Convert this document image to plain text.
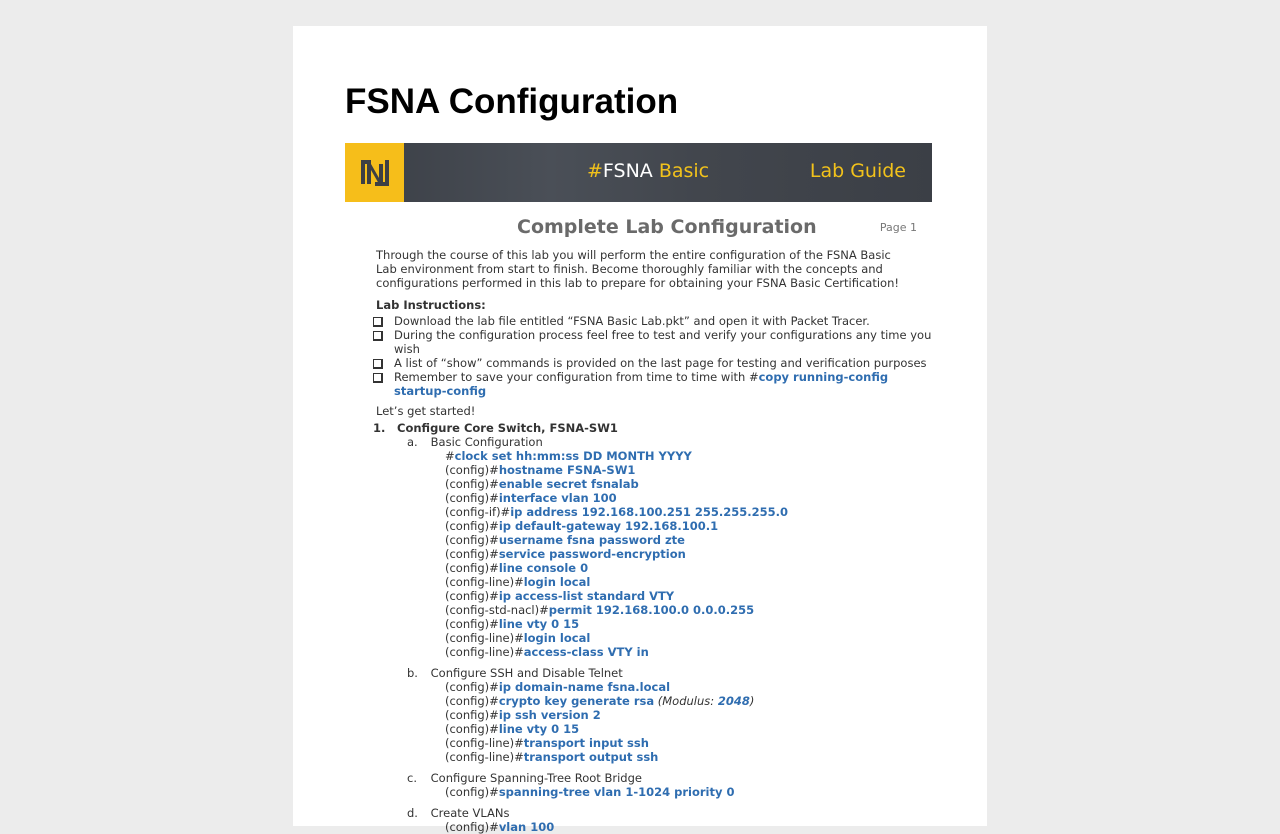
FSNA Configuration
#FSNA Basic	Lab Guide
Complete Lab Configuration	Page 1
Through the course of this lab you will perform the entire configuration of the FSNA Basic Lab environment from start to finish. Become thoroughly familiar with the concepts and configurations performed in this lab to prepare for obtaining your FSNA Basic Certification!
Lab Instructions:
Download the lab file entitled “FSNA Basic Lab.pkt” and open it with Packet Tracer.
During the configuration process feel free to test and verify your configurations any time you wish
A list of “show” commands is provided on the last page for testing and verification purposes
Remember to save your configuration from time to time with #copy running-config startup-config
Let’s get started!
1. Configure Core Switch, FSNA-SW1
a. Basic Configuration
#clock set hh:mm:ss DD MONTH YYYY
(config)#hostname FSNA-SW1
(config)#enable secret fsnalab
(config)#interface vlan 100
(config-if)#ip address 192.168.100.251 255.255.255.0
(config)#ip default-gateway 192.168.100.1
(config)#username fsna password zte
(config)#service password-encryption
(config)#line console 0
(config-line)#login local
(config)#ip access-list standard VTY
(config-std-nacl)#permit 192.168.100.0 0.0.0.255
(config)#line vty 0 15
(config-line)#login local
(config-line)#access-class VTY in
b. Configure SSH and Disable Telnet
(config)#ip domain-name fsna.local
(config)#crypto key generate rsa (Modulus: 2048)
(config)#ip ssh version 2
(config)#line vty 0 15
(config-line)#transport input ssh
(config-line)#transport output ssh
c. Configure Spanning-Tree Root Bridge
(config)#spanning-tree vlan 1-1024 priority 0
d. Create VLANs
(config)#vlan 100
